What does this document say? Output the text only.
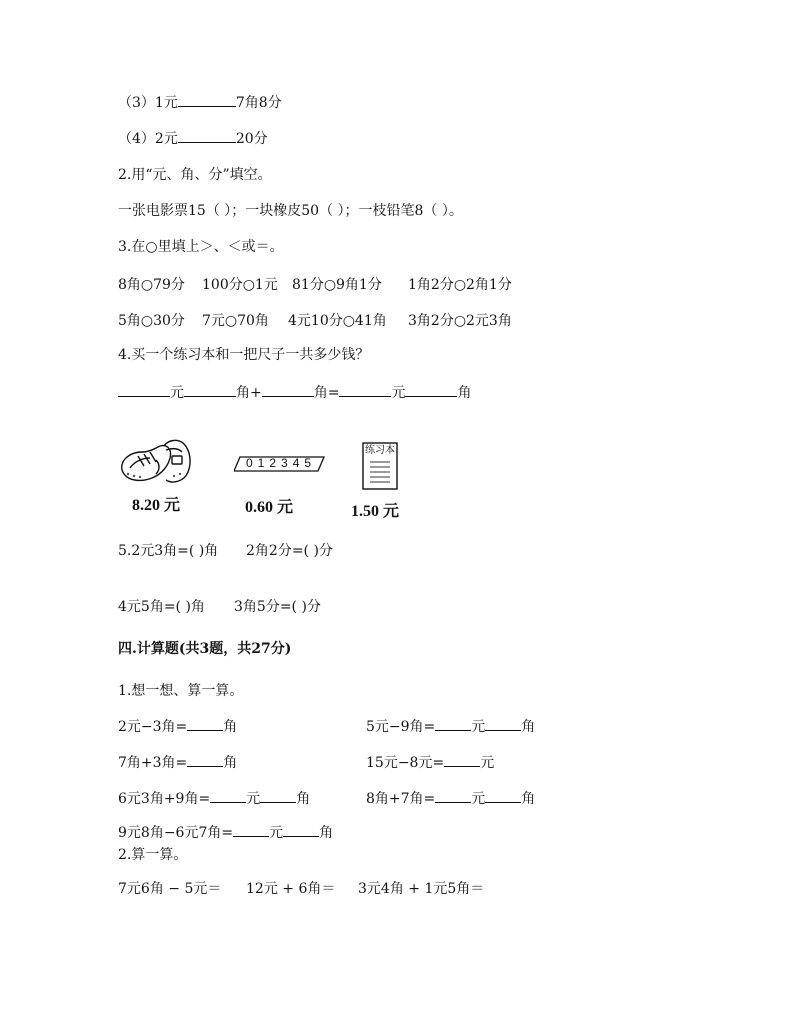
（3）1元	7角8分
（4）2元	20分
2.用“元、角、分”填空。
一张电影票15（ ）；一块橡皮50（ ）；一枝铅笔8（ ）。
3.在○里填上＞、＜或＝。
8角○79分 100分○1元 81分○9角1分 1角2分○2角1分
5角○30分 7元○70角 4元10分○41角 3角2分○2元3角
4.买一个练习本和一把尺子一共多少钱？
元	角+	角=	元	角
8.20 元
012345
0.60 元
练习本
1.50 元
5.2元3角=( )角 2角2分=( )分
4元5角=( )角 3角5分=( )分
四.计算题(共3题，共27分)
1.想一想、算一算。
2元−3角=	角
7角+3角=	角
6元3角+9角=	元	角
9元8角−6元7角=	元	角
5元−9角=	元	角
15元−8元=	元
8角+7角=	元	角
2.算一算。
7元6角 − 5元＝ 12元 + 6角＝ 3元4角 + 1元5角＝
